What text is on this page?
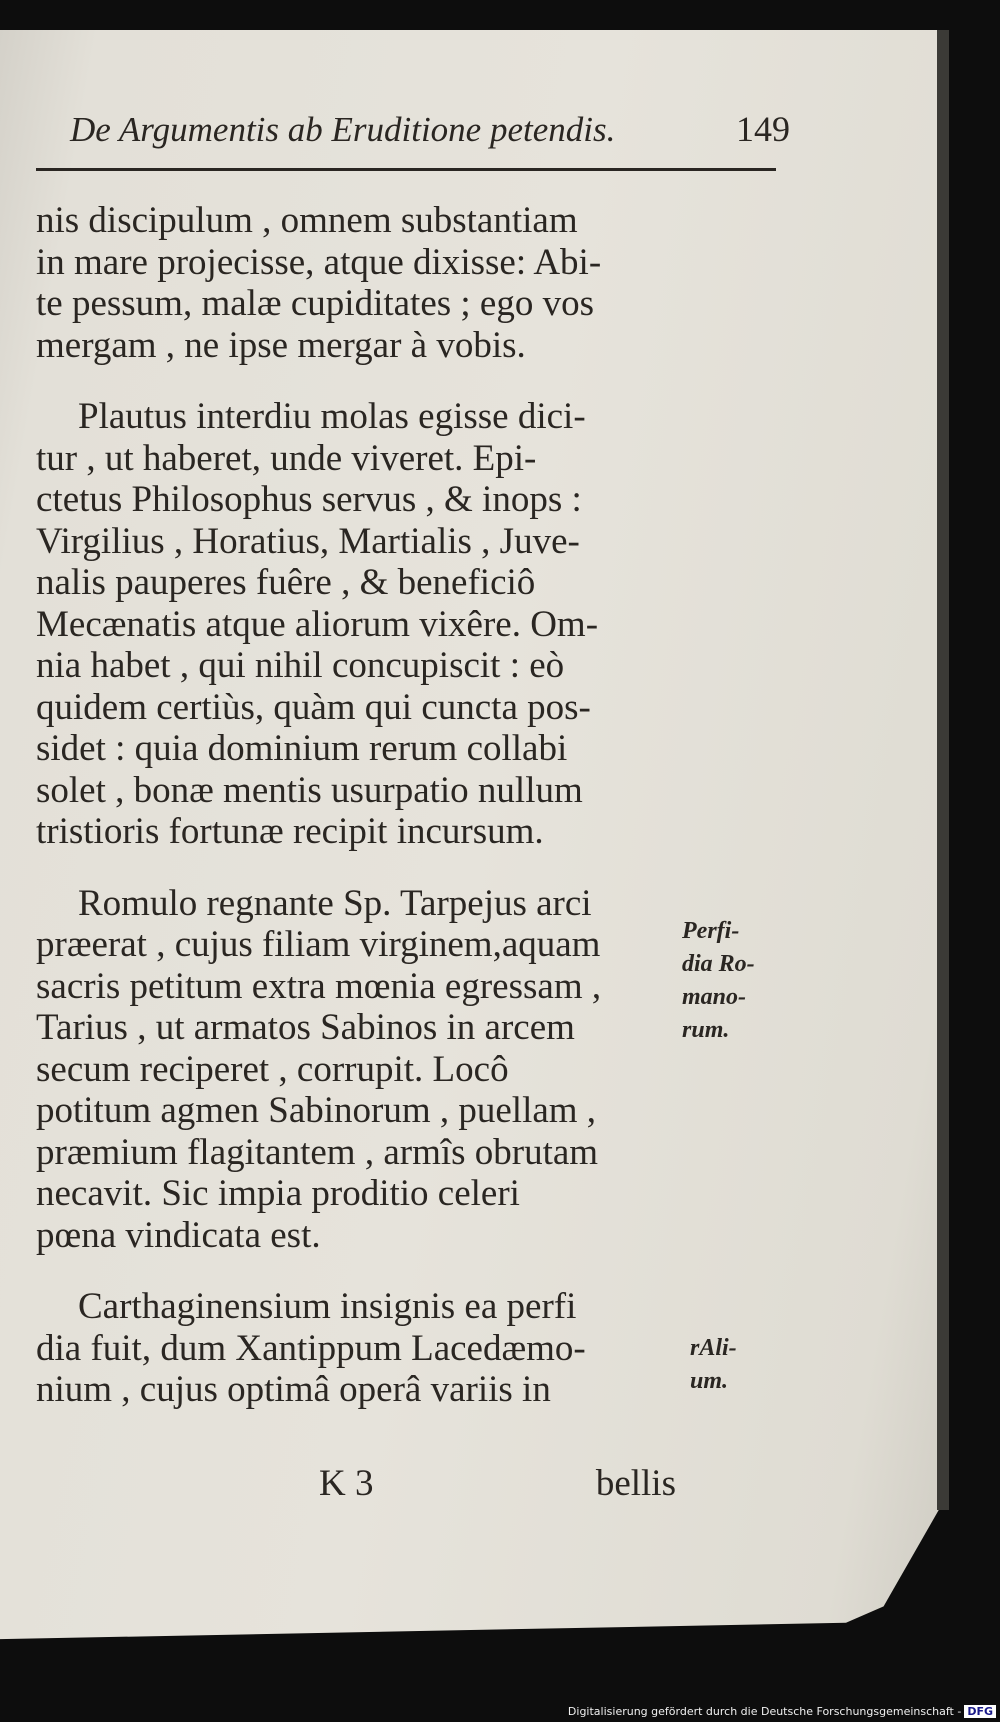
De Argumentis ab Eruditione petendis.	149
nis discipulum , omnem substantiam
in mare projecisse, atque dixisse: Abi-
te pessum, malæ cupiditates ; ego vos
mergam , ne ipse mergar à vobis.
Plautus interdiu molas egisse dici-
tur , ut haberet, unde viveret. Epi-
ctetus Philosophus servus , & inops :
Virgilius , Horatius, Martialis , Juve-
nalis pauperes fuêre , & beneficiô
Mecænatis atque aliorum vixêre. Om-
nia habet , qui nihil concupiscit : eò
quidem certiùs, quàm qui cuncta pos-
sidet : quia dominium rerum collabi
solet , bonæ mentis usurpatio nullum
tristioris fortunæ recipit incursum.
Romulo regnante Sp. Tarpejus arci
præerat , cujus filiam virginem,aquam
sacris petitum extra mœnia egressam ,
Tarius , ut armatos Sabinos in arcem
secum reciperet , corrupit. Locô
potitum agmen Sabinorum , puellam ,
præmium flagitantem , armîs obrutam
necavit. Sic impia proditio celeri
pœna vindicata est.
Carthaginensium insignis ea perfi
dia fuit, dum Xantippum Lacedæmo-
nium , cujus optimâ operâ variis in
Perfi-
dia Ro-
mano-
rum.
rAli-
um.
K 3	bellis
Digitalisierung gefördert durch die Deutsche Forschungsgemeinschaft - DFG
